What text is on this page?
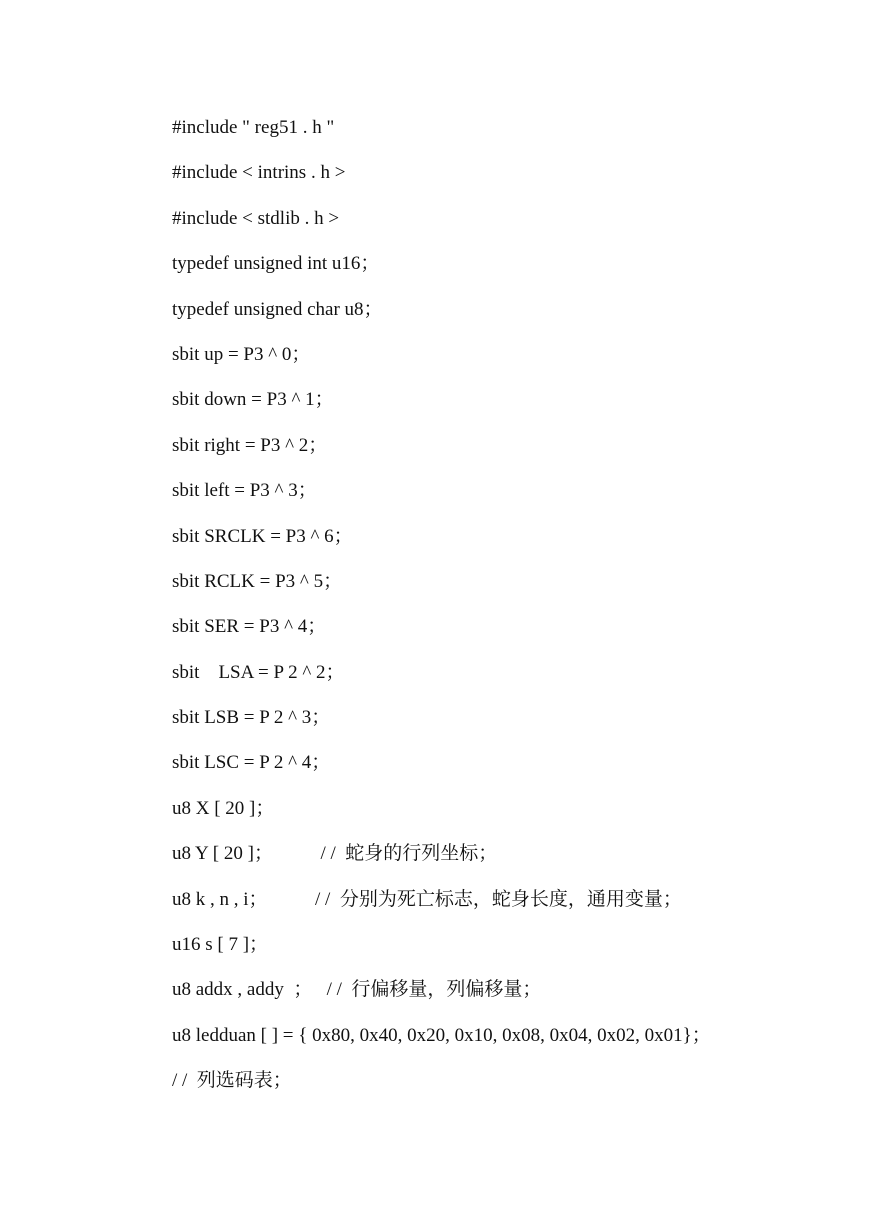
#include " reg51 . h "
#include < intrins . h >
#include < stdlib . h >
typedef unsigned int u16；
typedef unsigned char u8；
sbit up = P3 ^ 0；
sbit down = P3 ^ 1；
sbit right = P3 ^ 2；
sbit left = P3 ^ 3；
sbit SRCLK = P3 ^ 6；
sbit RCLK = P3 ^ 5；
sbit SER = P3 ^ 4；
sbit    LSA = P 2 ^ 2；
sbit LSB = P 2 ^ 3；
sbit LSC = P 2 ^ 4；
u8 X [ 20 ]；
u8 Y [ 20 ]；          / /  蛇身的行列坐标；
u8 k , n , i；          / /  分别为死亡标志，蛇身长度，通用变量；
u16 s [ 7 ]；
u8 addx , addy  ；   / /  行偏移量，列偏移量；
u8 ledduan [ ] = { 0x80, 0x40, 0x20, 0x10, 0x08, 0x04, 0x02, 0x01}；
/ /  列选码表；
